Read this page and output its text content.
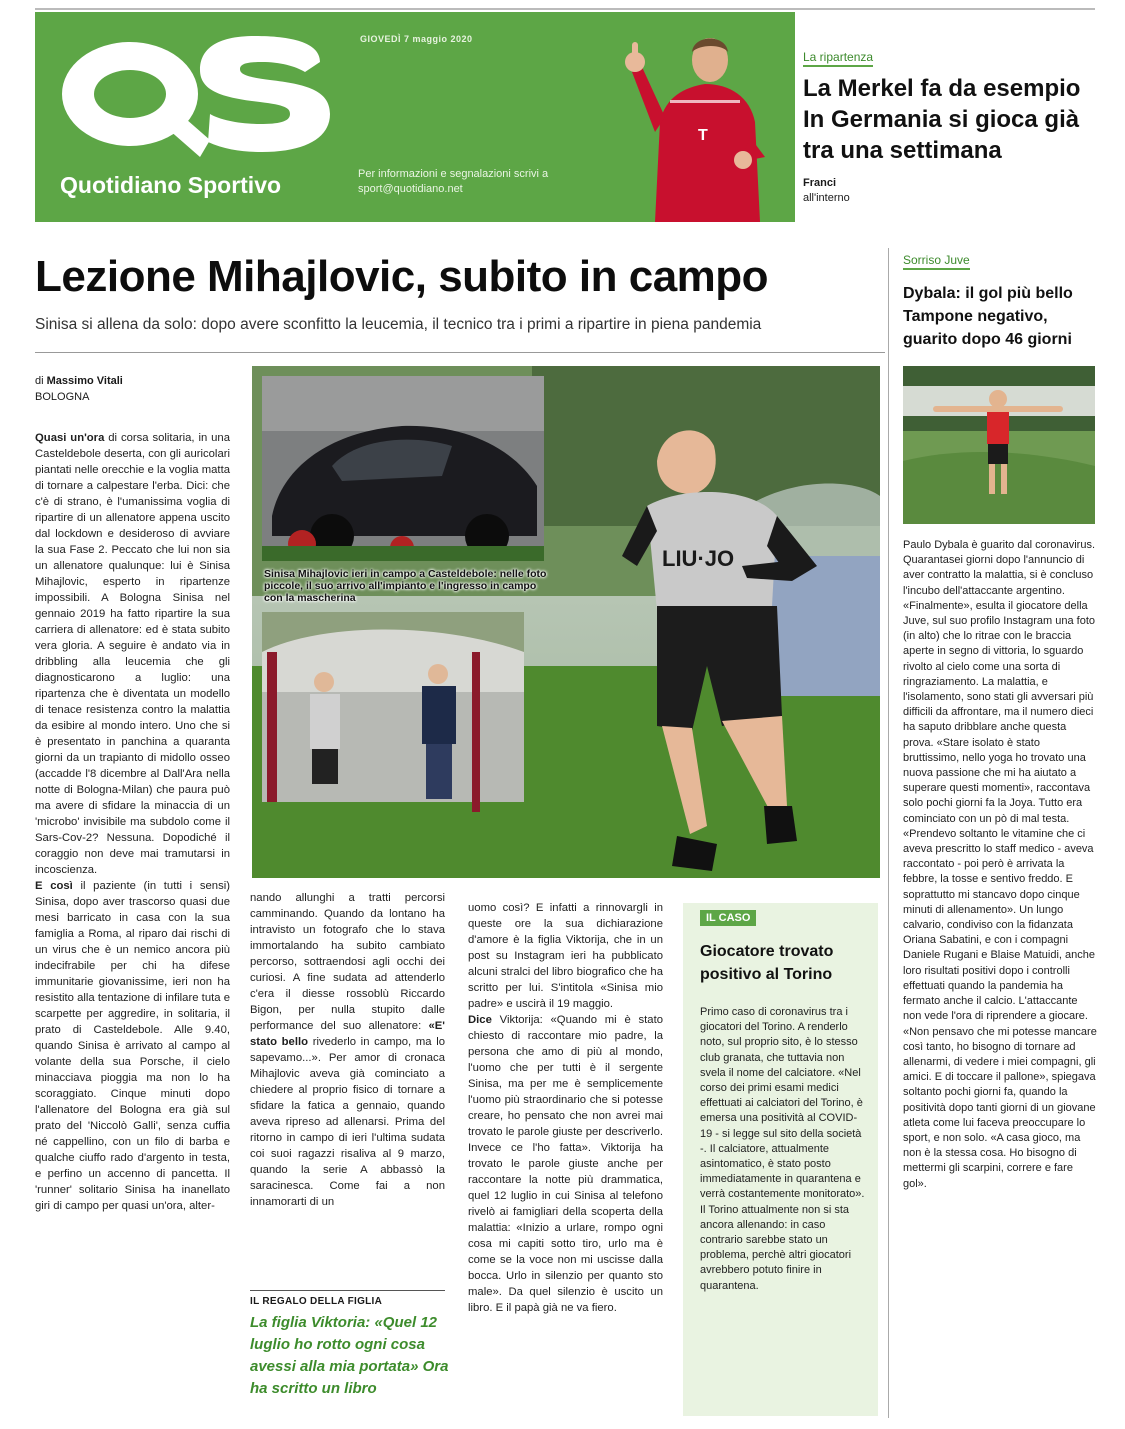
Quotidiano Sportivo
GIOVEDÌ 7 maggio 2020
Per informazioni e segnalazioni scrivi a sport@quotidiano.net
T
La ripartenza
La Merkel fa da esempio In Germania si gioca già tra una settimana
Franci
all'interno
Lezione Mihajlovic, subito in campo
Sinisa si allena da solo: dopo avere sconfitto la leucemia, il tecnico tra i primi a ripartire in piena pandemia
di Massimo Vitali
BOLOGNA

Quasi un'ora di corsa solitaria, in una Casteldebole deserta, con gli auricolari piantati nelle orecchie e la voglia matta di tornare a calpestare l'erba. Dici: che c'è di strano, è l'umanissima voglia di ripartire di un allenatore appena uscito dal lockdown e desideroso di avviare la sua Fase 2. Peccato che lui non sia un allenatore qualunque: lui è Sinisa Mihajlovic, esperto in ripartenze impossibili. A Bologna Sinisa nel gennaio 2019 ha fatto ripartire la sua carriera di allenatore: ed è stata subito vera gloria. A seguire è andato via in dribbling alla leucemia che gli diagnosticarono a luglio: una ripartenza che è diventata un modello di tenace resistenza contro la malattia da esibire al mondo intero. Uno che si è presentato in panchina a quaranta giorni da un trapianto di midollo osseo (accadde l'8 dicembre al Dall'Ara nella notte di Bologna-Milan) che paura può ma avere di sfidare la minaccia di un 'microbo' invisibile ma subdolo come il Sars-Cov-2? Nessuna. Dopodiché il coraggio non deve mai tramutarsi in incoscienza.

E così il paziente (in tutti i sensi) Sinisa, dopo aver trascorso quasi due mesi barricato in casa con la sua famiglia a Roma, al riparo dai rischi di un virus che è un nemico ancora più indecifrabile per chi ha difese immunitarie giovanissime, ieri non ha resistito alla tentazione di infilare tuta e scarpette per aggredire, in solitaria, il prato di Casteldebole. Alle 9.40, quando Sinisa è arrivato al campo al volante della sua Porsche, il cielo minacciava pioggia ma non lo ha scoraggiato. Cinque minuti dopo l'allenatore del Bologna era già sul prato del 'Niccolò Galli', senza cuffia né cappellino, con un filo di barba e qualche ciuffo rado d'argento in testa, e perfino un accenno di pancetta. Il 'runner' solitario Sinisa ha inanellato giri di campo per quasi un'ora, alter-

LIU·JO
Sinisa Mihajlovic ieri in campo a Casteldebole: nelle foto piccole, il suo arrivo all'impianto e l'ingresso in campo con la mascherina

nando allunghi a tratti percorsi camminando. Quando da lontano ha intravisto un fotografo che lo stava immortalando ha subito cambiato percorso, sottraendosi agli occhi dei curiosi. A fine sudata ad attenderlo c'era il diesse rossoblù Riccardo Bigon, per nulla stupito dalle performance del suo allenatore: «E' stato bello rivederlo in campo, ma lo sapevamo...». Per amor di cronaca Mihajlovic aveva già cominciato a chiedere al proprio fisico di tornare a sfidare la fatica a gennaio, quando aveva ripreso ad allenarsi. Prima del ritorno in campo di ieri l'ultima sudata coi suoi ragazzi risaliva al 9 marzo, quando la serie A abbassò la saracinesca. Come fai a non innamorarti di un

IL REGALO DELLA FIGLIA
La figlia Viktoria: «Quel 12 luglio ho rotto ogni cosa avessi alla mia portata» Ora ha scritto un libro

uomo così? E infatti a rinnovargli in queste ore la sua dichiarazione d'amore è la figlia Viktorija, che in un post su Instagram ieri ha pubblicato alcuni stralci del libro biografico che ha scritto per lui. S'intitola «Sinisa mio padre» e uscirà il 19 maggio.

Dice Viktorija: «Quando mi è stato chiesto di raccontare mio padre, la persona che amo di più al mondo, l'uomo che per tutti è il sergente Sinisa, ma per me è semplicemente l'uomo più straordinario che si potesse creare, ho pensato che non avrei mai trovato le parole giuste per descriverlo. Invece ce l'ho fatta». Viktorija ha trovato le parole giuste anche per raccontare la notte più drammatica, quel 12 luglio in cui Sinisa al telefono rivelò ai famigliari della scoperta della malattia: «Inizio a urlare, rompo ogni cosa mi capiti sotto tiro, urlo ma è come se la voce non mi uscisse dalla bocca. Urlo in silenzio per quanto sto male». Da quel silenzio è uscito un libro. E il papà già ne va fiero.

IL CASO
Giocatore trovato positivo al Torino
Primo caso di coronavirus tra i giocatori del Torino. A renderlo noto, sul proprio sito, è lo stesso club granata, che tuttavia non svela il nome del calciatore. «Nel corso dei primi esami medici effettuati ai calciatori del Torino, è emersa una positività al COVID-19 - si legge sul sito della società -. Il calciatore, attualmente asintomatico, è stato posto immediatamente in quarantena e verrà costantemente monitorato». Il Torino attualmente non si sta ancora allenando: in caso contrario sarebbe stato un problema, perchè altri giocatori avrebbero potuto finire in quarantena.
Sorriso Juve
Dybala: il gol più bello Tampone negativo, guarito dopo 46 giorni
Paulo Dybala è guarito dal coronavirus. Quarantasei giorni dopo l'annuncio di aver contratto la malattia, si è concluso l'incubo dell'attaccante argentino. «Finalmente», esulta il giocatore della Juve, sul suo profilo Instagram una foto (in alto) che lo ritrae con le braccia aperte in segno di vittoria, lo sguardo rivolto al cielo come una sorta di ringraziamento. La malattia, e l'isolamento, sono stati gli avversari più difficili da affrontare, ma il numero dieci ha saputo dribblare anche questa prova. «Stare isolato è stato bruttissimo, nello yoga ho trovato una nuova passione che mi ha aiutato a superare questi momenti», raccontava solo pochi giorni fa la Joya. Tutto era cominciato con un pò di mal testa. «Prendevo soltanto le vitamine che ci aveva prescritto lo staff medico - aveva raccontato - poi però è arrivata la febbre, la tosse e sentivo freddo. E soprattutto mi stancavo dopo cinque minuti di allenamento». Un lungo calvario, condiviso con la fidanzata Oriana Sabatini, e con i compagni Daniele Rugani e Blaise Matuidi, anche loro risultati positivi dopo i controlli effettuati quando la pandemia ha fermato anche il calcio. L'attaccante non vede l'ora di riprendere a giocare. «Non pensavo che mi potesse mancare così tanto, ho bisogno di tornare ad allenarmi, di vedere i miei compagni, gli amici. E di toccare il pallone», spiegava soltanto pochi giorni fa, quando la positività dopo tanti giorni di un giovane atleta come lui faceva preoccupare lo sport, e non solo. «A casa gioco, ma non è la stessa cosa. Ho bisogno di mettermi gli scarpini, correre e fare gol».
